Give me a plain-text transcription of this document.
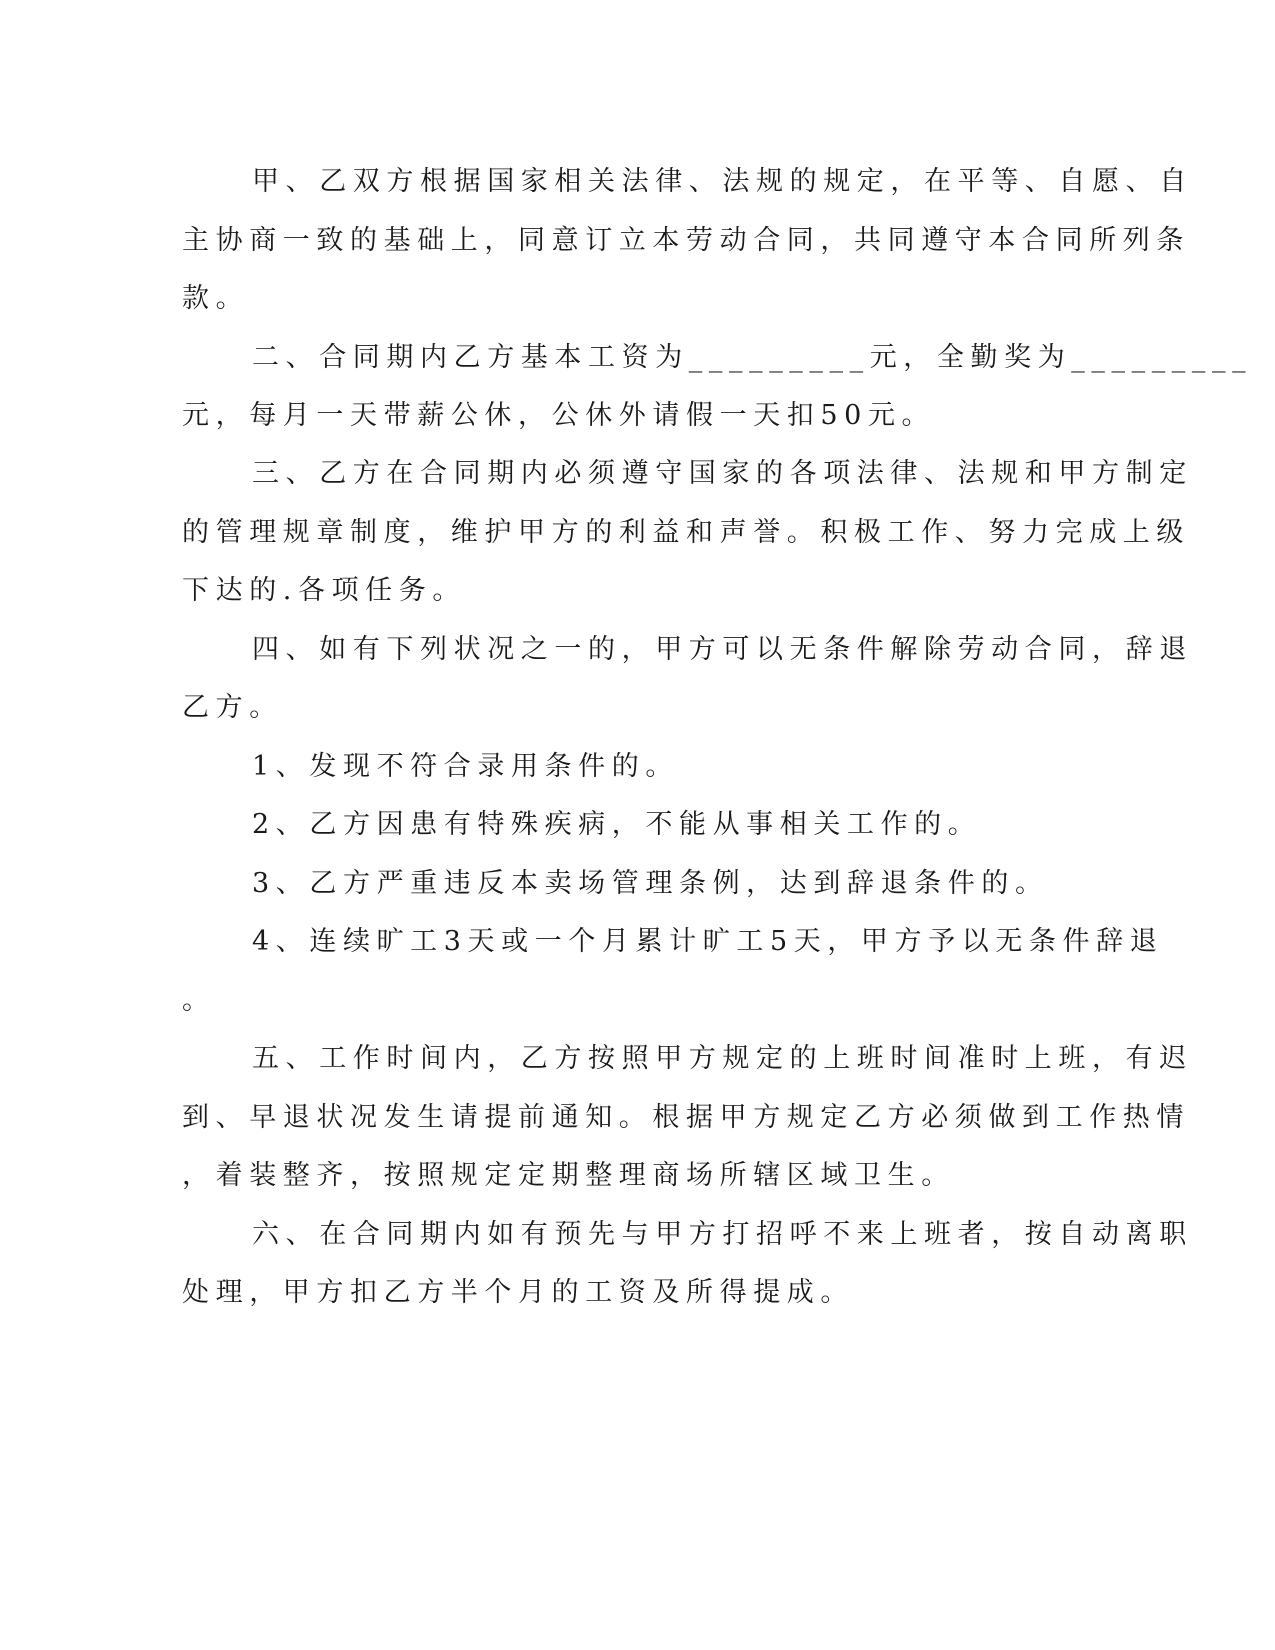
甲、乙双方根据国家相关法律、法规的规定，在平等、自愿、自
主协商一致的基础上，同意订立本劳动合同，共同遵守本合同所列条
款。
二、合同期内乙方基本工资为_________元，全勤奖为_________
元，每月一天带薪公休，公休外请假一天扣50元。
三、乙方在合同期内必须遵守国家的各项法律、法规和甲方制定
的管理规章制度，维护甲方的利益和声誉。积极工作、努力完成上级
下达的.各项任务。
四、如有下列状况之一的，甲方可以无条件解除劳动合同，辞退
乙方。
1、发现不符合录用条件的。
2、乙方因患有特殊疾病，不能从事相关工作的。
3、乙方严重违反本卖场管理条例，达到辞退条件的。
4、连续旷工3天或一个月累计旷工5天，甲方予以无条件辞退
。
五、工作时间内，乙方按照甲方规定的上班时间准时上班，有迟
到、早退状况发生请提前通知。根据甲方规定乙方必须做到工作热情
，着装整齐，按照规定定期整理商场所辖区域卫生。
六、在合同期内如有预先与甲方打招呼不来上班者，按自动离职
处理，甲方扣乙方半个月的工资及所得提成。
